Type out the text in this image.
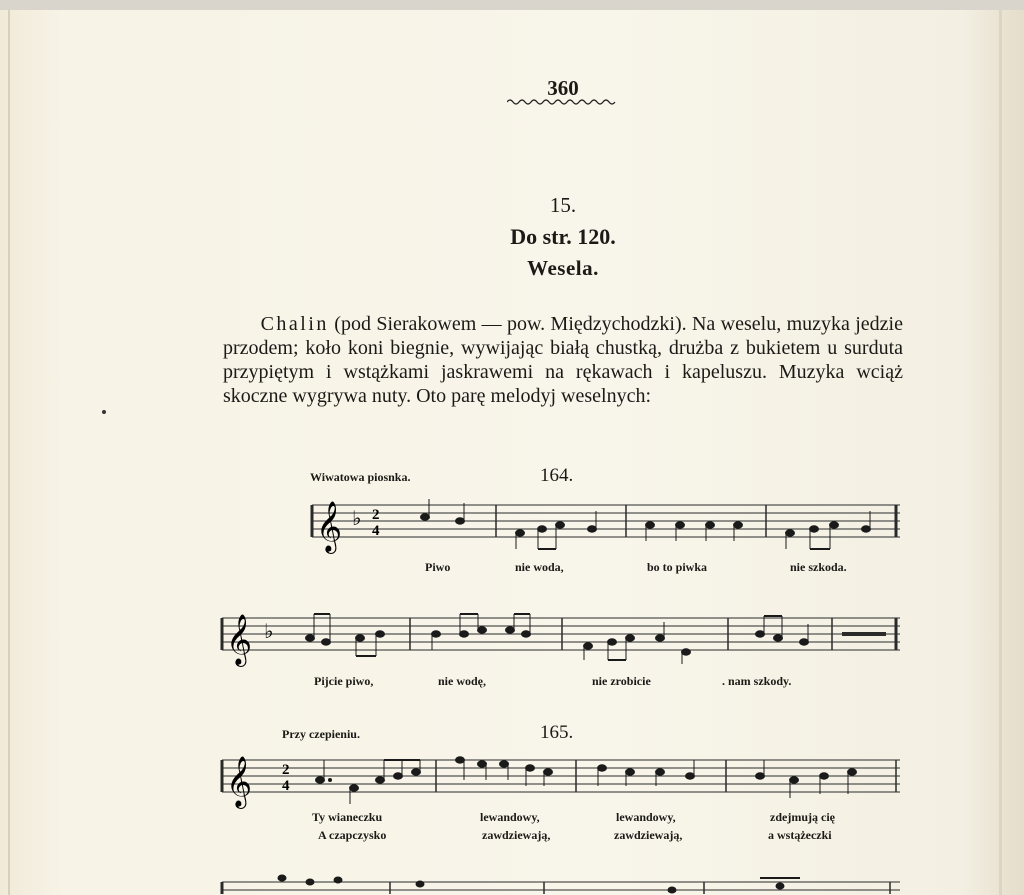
360
15.
Do str. 120.
Wesela.
Chalin (pod Sierakowem — pow. Międzychodzki). Na weselu, muzyka jedzie przodem; koło koni biegnie, wywijając białą chustką, drużba z bukietem u surduta przypiętym i wstążkami jaskrawemi na rękawach i kapeluszu. Muzyka wciąż skoczne wygrywa nuty. Oto parę melodyj weselnych:
Wiwatowa piosnka.	164.
𝄞 ♭ 2
4
Piwo	nie woda,	bo to piwka	nie szkoda.
𝄞 ♭
Pijcie piwo,	nie wodę,	nie zrobicie	. nam szkody.
Przy czepieniu.	165.
𝄞 2
4
Ty wianeczku	lewandowy,	lewandowy,	zdejmują cię
A czapczysko	zawdziewają,	zawdziewają,	a wstążeczki
